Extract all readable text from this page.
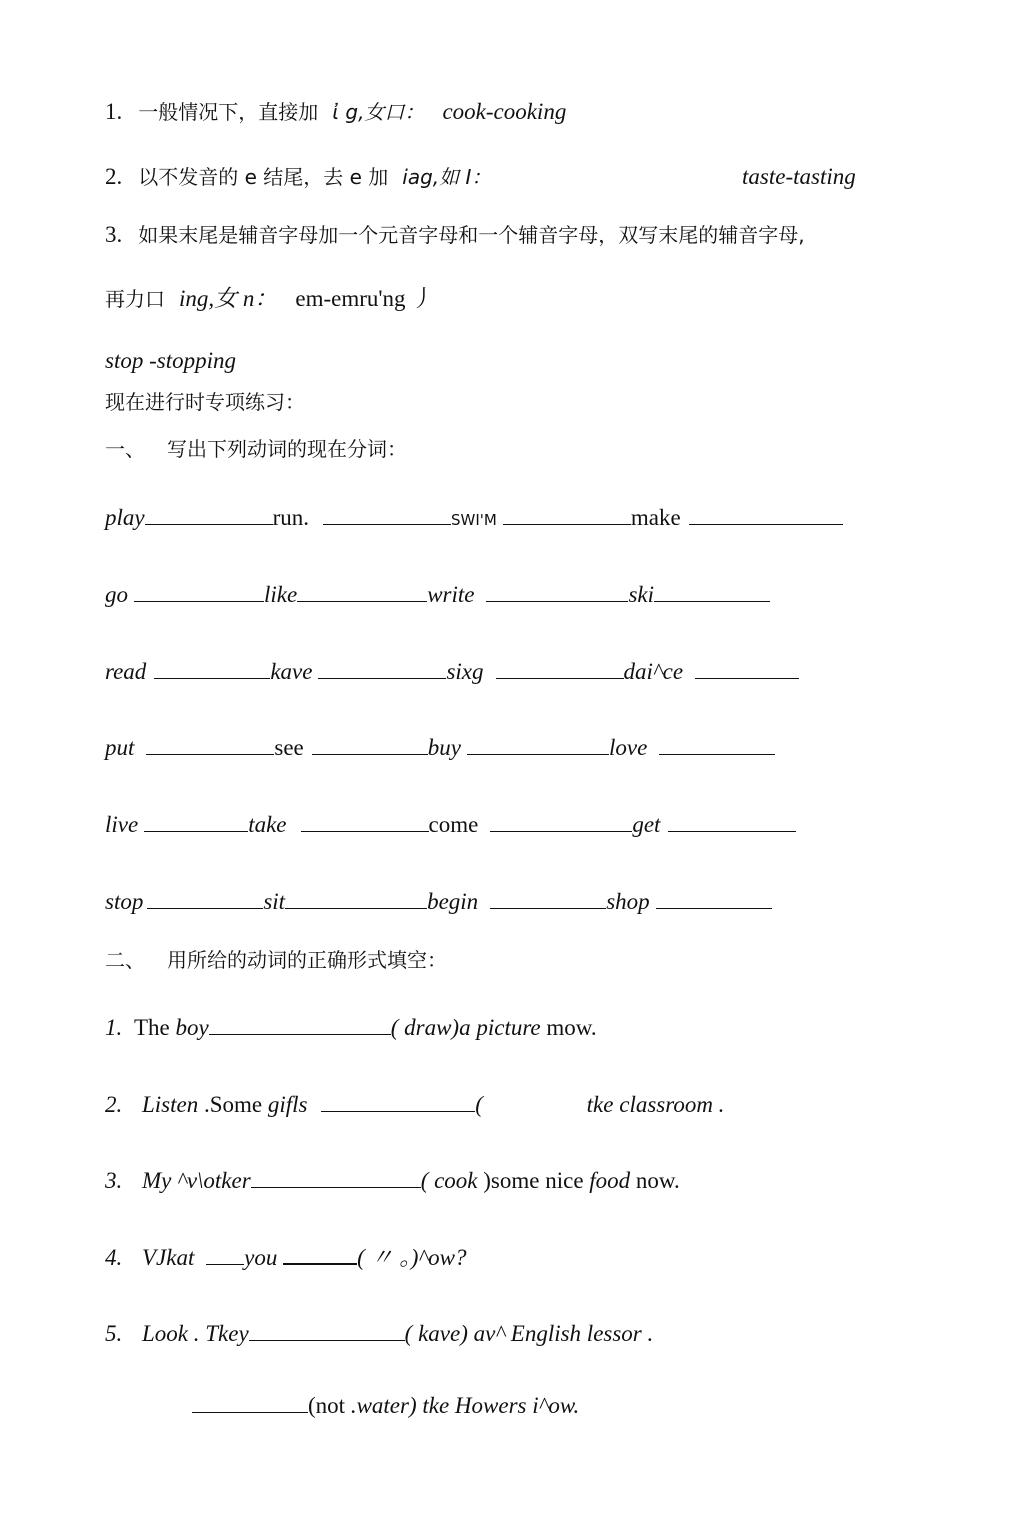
1. 一般情况下，直接加 ἰ g,女口： cook-cooking
2. 以不发音的 e 结尾，去 e 加 iag,如 I：	taste-tasting
3. 如果末尾是辅音字母加一个元音字母和一个辅音字母，双写末尾的辅音字母,
再力口 ing,女 n： em-emru'ng 丿
stop -stopping
现在进行时专项练习：
一、 写出下列动词的现在分词：
play	run.	SWI'M	make
go	like	write	ski
read	kave	sixg	dai^ce
put	see	buy	love
live	take	come	get
stop	sit	begin	shop
二、 用所给的动词的正确形式填空：
1. The boy	( draw)a picture mow.
2. Listen .Some gifls	(	tke classroom .
3. My ^v\otker	( cook )some nice food now.
4. VJkat you	( 〃 。)^ow?
5. Look . Tkey	( kave) av^ English lessor .
(not .water) tke Howers i^ow.
